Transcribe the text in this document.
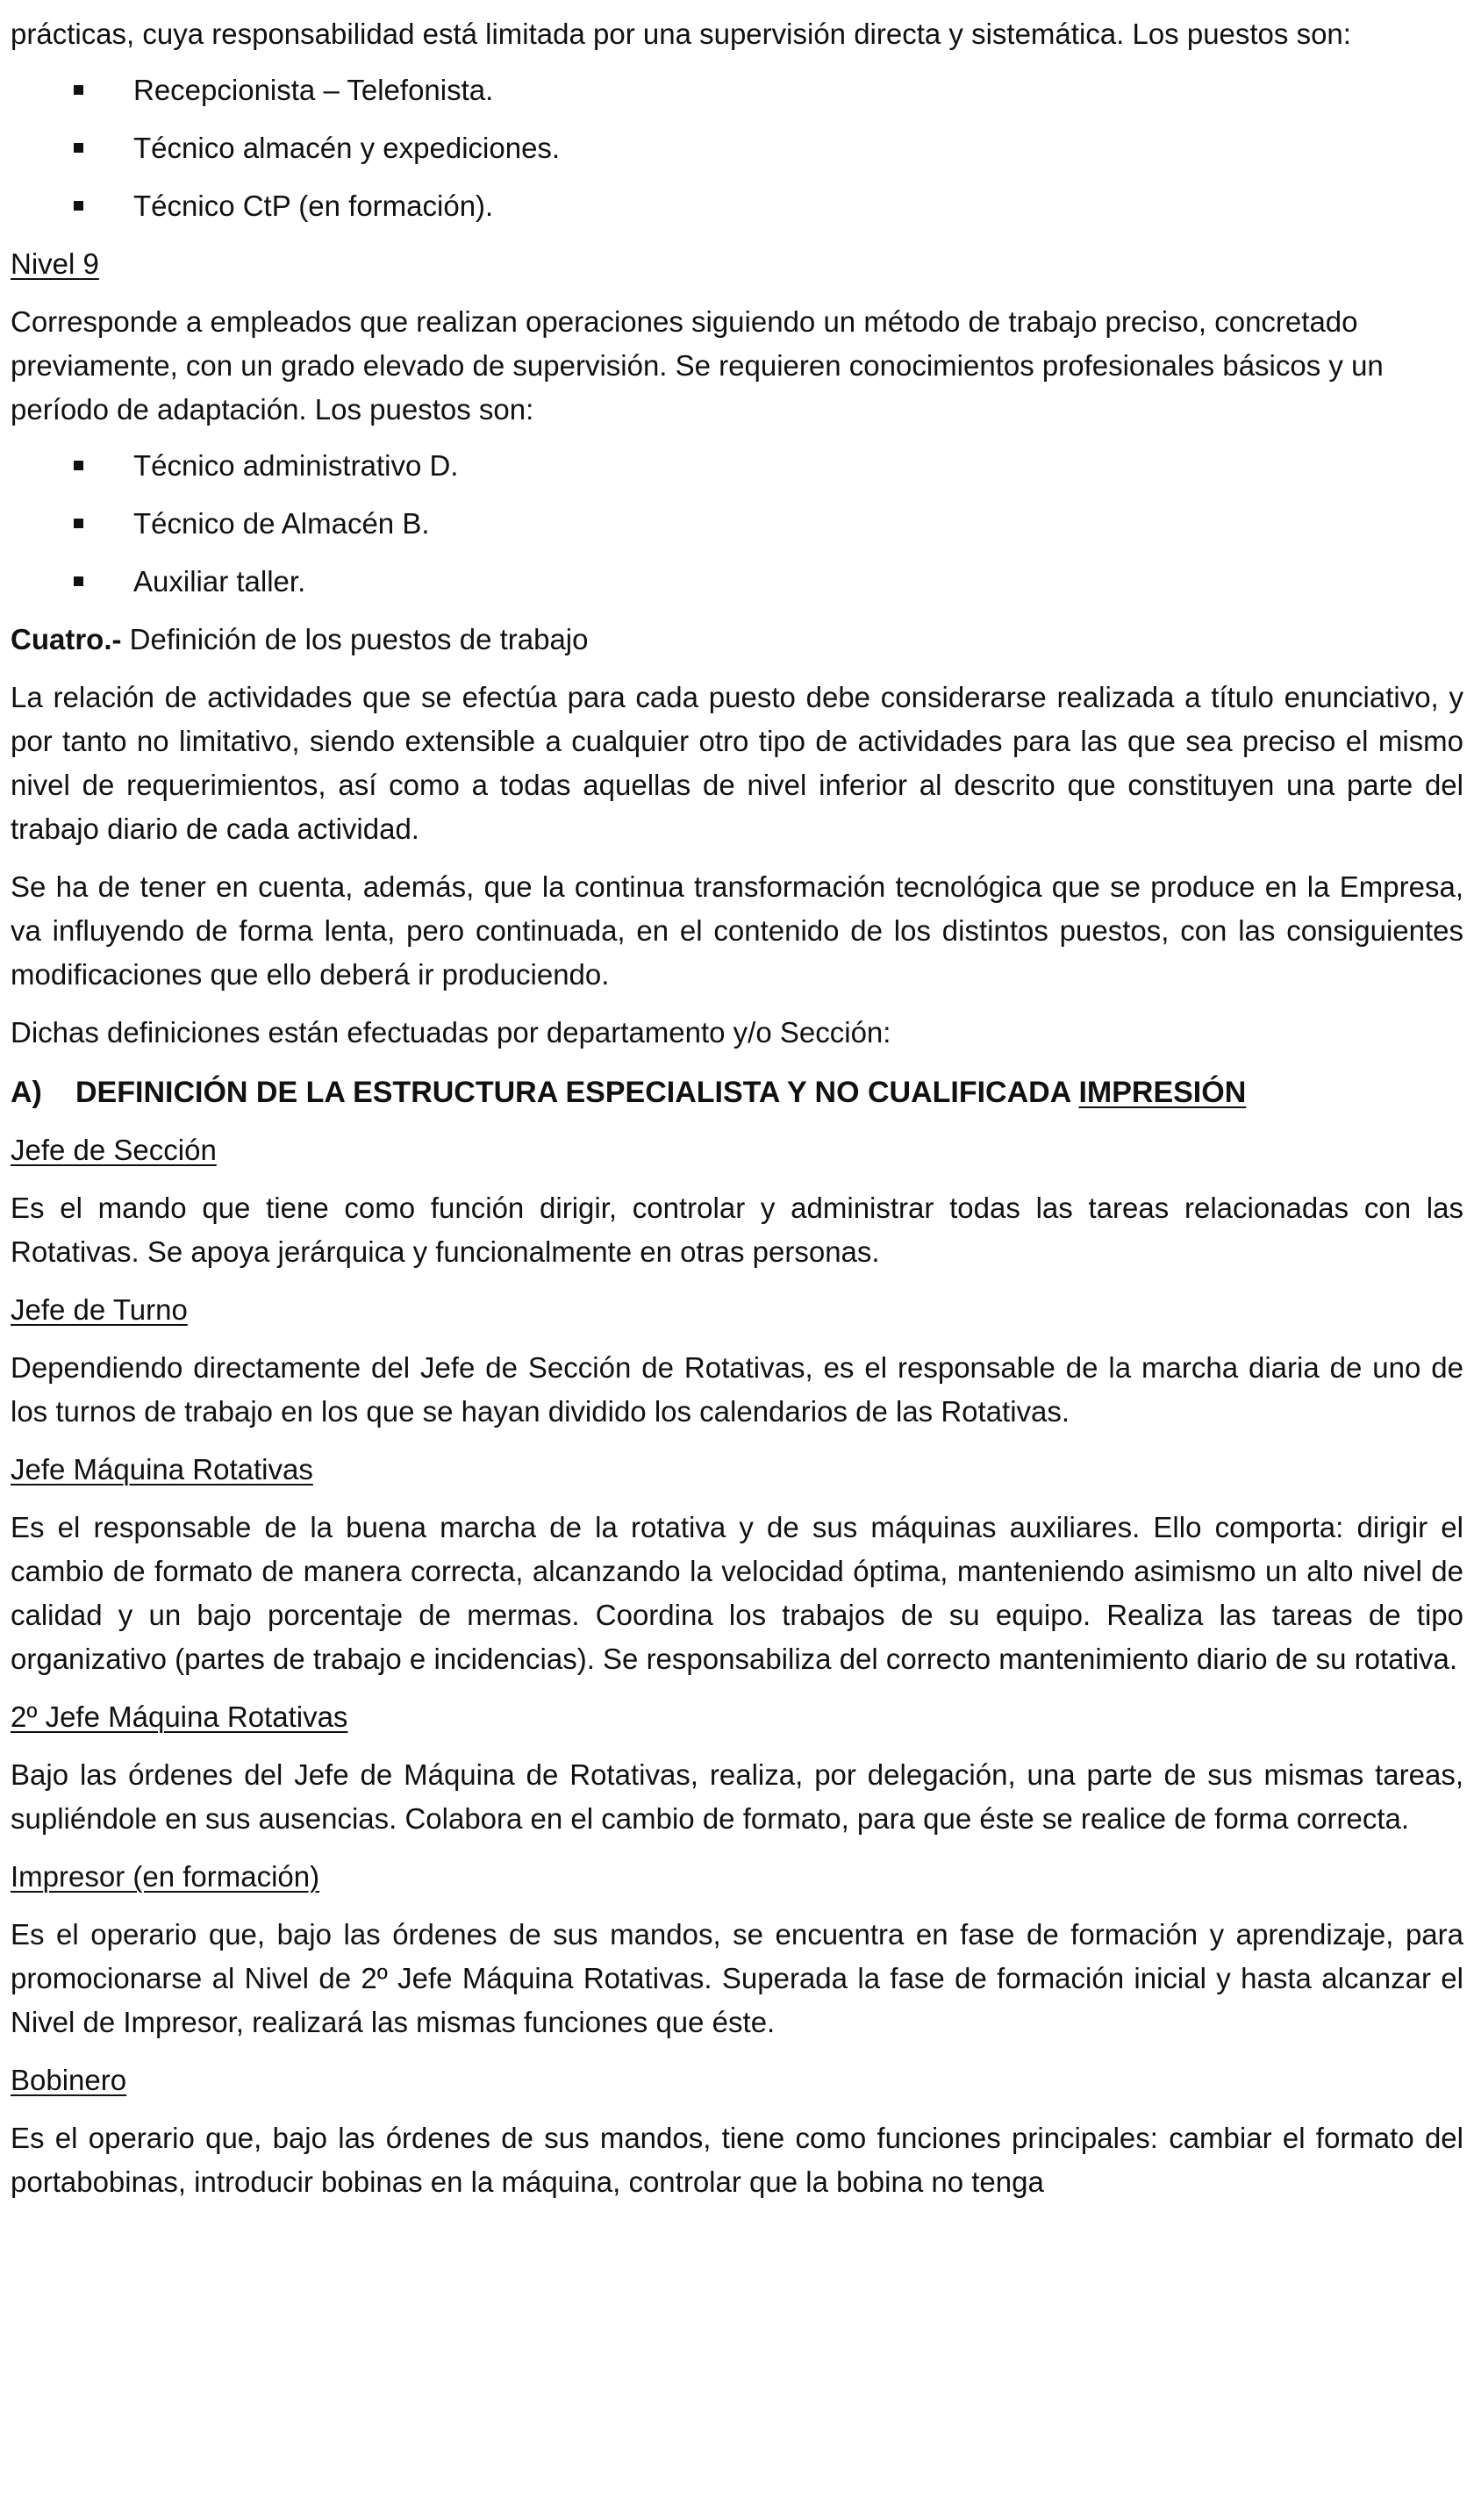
prácticas, cuya responsabilidad está limitada por una supervisión directa y sistemática. Los puestos son:

Recepcionista – Telefonista.
Técnico almacén y expediciones.
Técnico CtP (en formación).

Nivel 9

Corresponde a empleados que realizan operaciones siguiendo un método de trabajo preciso, concretado previamente, con un grado elevado de supervisión. Se requieren conocimientos profesionales básicos y un período de adaptación. Los puestos son:

Técnico administrativo D.
Técnico de Almacén B.
Auxiliar taller.

Cuatro.- Definición de los puestos de trabajo

La relación de actividades que se efectúa para cada puesto debe considerarse realizada a título enunciativo, y por tanto no limitativo, siendo extensible a cualquier otro tipo de actividades para las que sea preciso el mismo nivel de requerimientos, así como a todas aquellas de nivel inferior al descrito que constituyen una parte del trabajo diario de cada actividad.

Se ha de tener en cuenta, además, que la continua transformación tecnológica que se produce en la Empresa, va influyendo de forma lenta, pero continuada, en el contenido de los distintos puestos, con las consiguientes modificaciones que ello deberá ir produciendo.

Dichas definiciones están efectuadas por departamento y/o Sección:

A) DEFINICIÓN DE LA ESTRUCTURA ESPECIALISTA Y NO CUALIFICADA IMPRESIÓN

Jefe de Sección

Es el mando que tiene como función dirigir, controlar y administrar todas las tareas relacionadas con las Rotativas. Se apoya jerárquica y funcionalmente en otras personas.

Jefe de Turno

Dependiendo directamente del Jefe de Sección de Rotativas, es el responsable de la marcha diaria de uno de los turnos de trabajo en los que se hayan dividido los calendarios de las Rotativas.

Jefe Máquina Rotativas

Es el responsable de la buena marcha de la rotativa y de sus máquinas auxiliares. Ello comporta: dirigir el cambio de formato de manera correcta, alcanzando la velocidad óptima, manteniendo asimismo un alto nivel de calidad y un bajo porcentaje de mermas. Coordina los trabajos de su equipo. Realiza las tareas de tipo organizativo (partes de trabajo e incidencias). Se responsabiliza del correcto mantenimiento diario de su rotativa.

2º Jefe Máquina Rotativas

Bajo las órdenes del Jefe de Máquina de Rotativas, realiza, por delegación, una parte de sus mismas tareas, supliéndole en sus ausencias. Colabora en el cambio de formato, para que éste se realice de forma correcta.

Impresor (en formación)

Es el operario que, bajo las órdenes de sus mandos, se encuentra en fase de formación y aprendizaje, para promocionarse al Nivel de 2º Jefe Máquina Rotativas. Superada la fase de formación inicial y hasta alcanzar el Nivel de Impresor, realizará las mismas funciones que éste.

Bobinero

Es el operario que, bajo las órdenes de sus mandos, tiene como funciones principales: cambiar el formato del portabobinas, introducir bobinas en la máquina, controlar que la bobina no tenga
